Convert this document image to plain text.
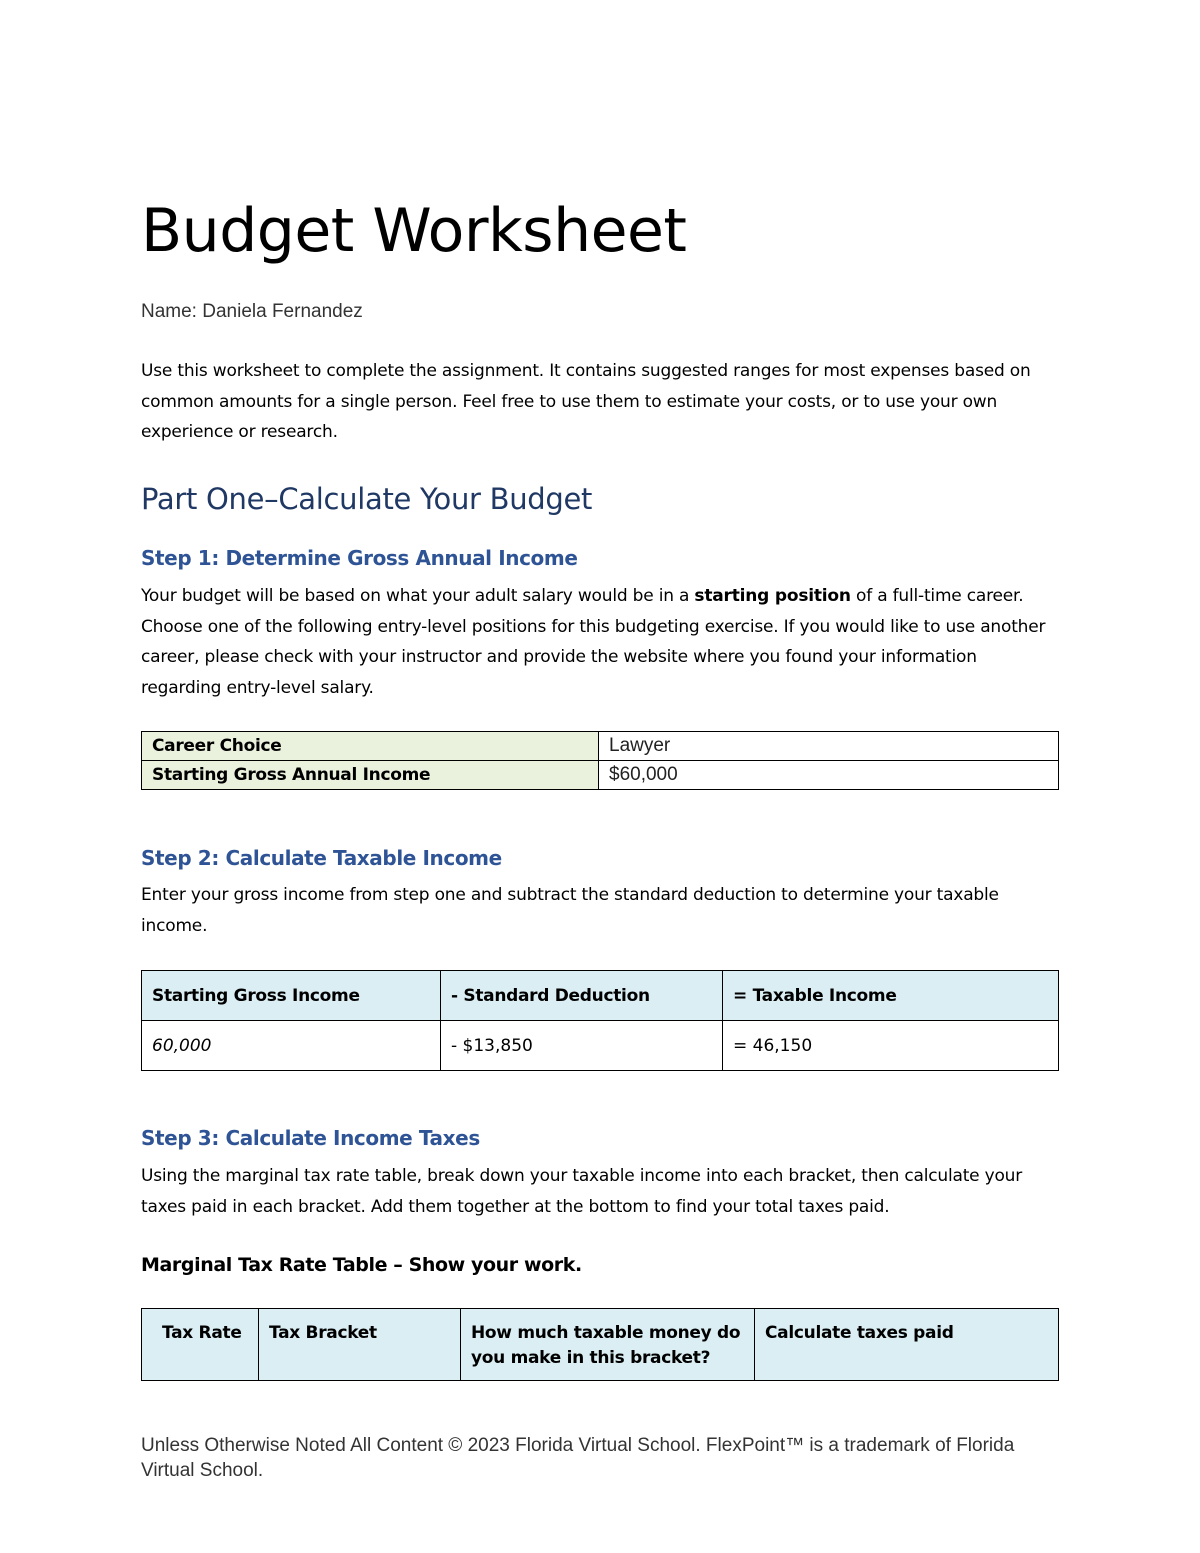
Budget Worksheet
Name: Daniela Fernandez
Use this worksheet to complete the assignment. It contains suggested ranges for most expenses based on common amounts for a single person. Feel free to use them to estimate your costs, or to use your own experience or research.
Part One–Calculate Your Budget
Step 1: Determine Gross Annual Income
Your budget will be based on what your adult salary would be in a starting position of a full-time career. Choose one of the following entry-level positions for this budgeting exercise. If you would like to use another career, please check with your instructor and provide the website where you found your information regarding entry-level salary.
Career Choice	Lawyer
Starting Gross Annual Income	$60,000
Step 2: Calculate Taxable Income
Enter your gross income from step one and subtract the standard deduction to determine your taxable income.
Starting Gross Income	- Standard Deduction	= Taxable Income
60,000	- $13,850	= 46,150
Step 3: Calculate Income Taxes
Using the marginal tax rate table, break down your taxable income into each bracket, then calculate your taxes paid in each bracket. Add them together at the bottom to find your total taxes paid.
Marginal Tax Rate Table – Show your work.
Tax Rate	Tax Bracket	How much taxable money do you make in this bracket?	Calculate taxes paid
Unless Otherwise Noted All Content © 2023 Florida Virtual School. FlexPoint™ is a trademark of Florida Virtual School.
